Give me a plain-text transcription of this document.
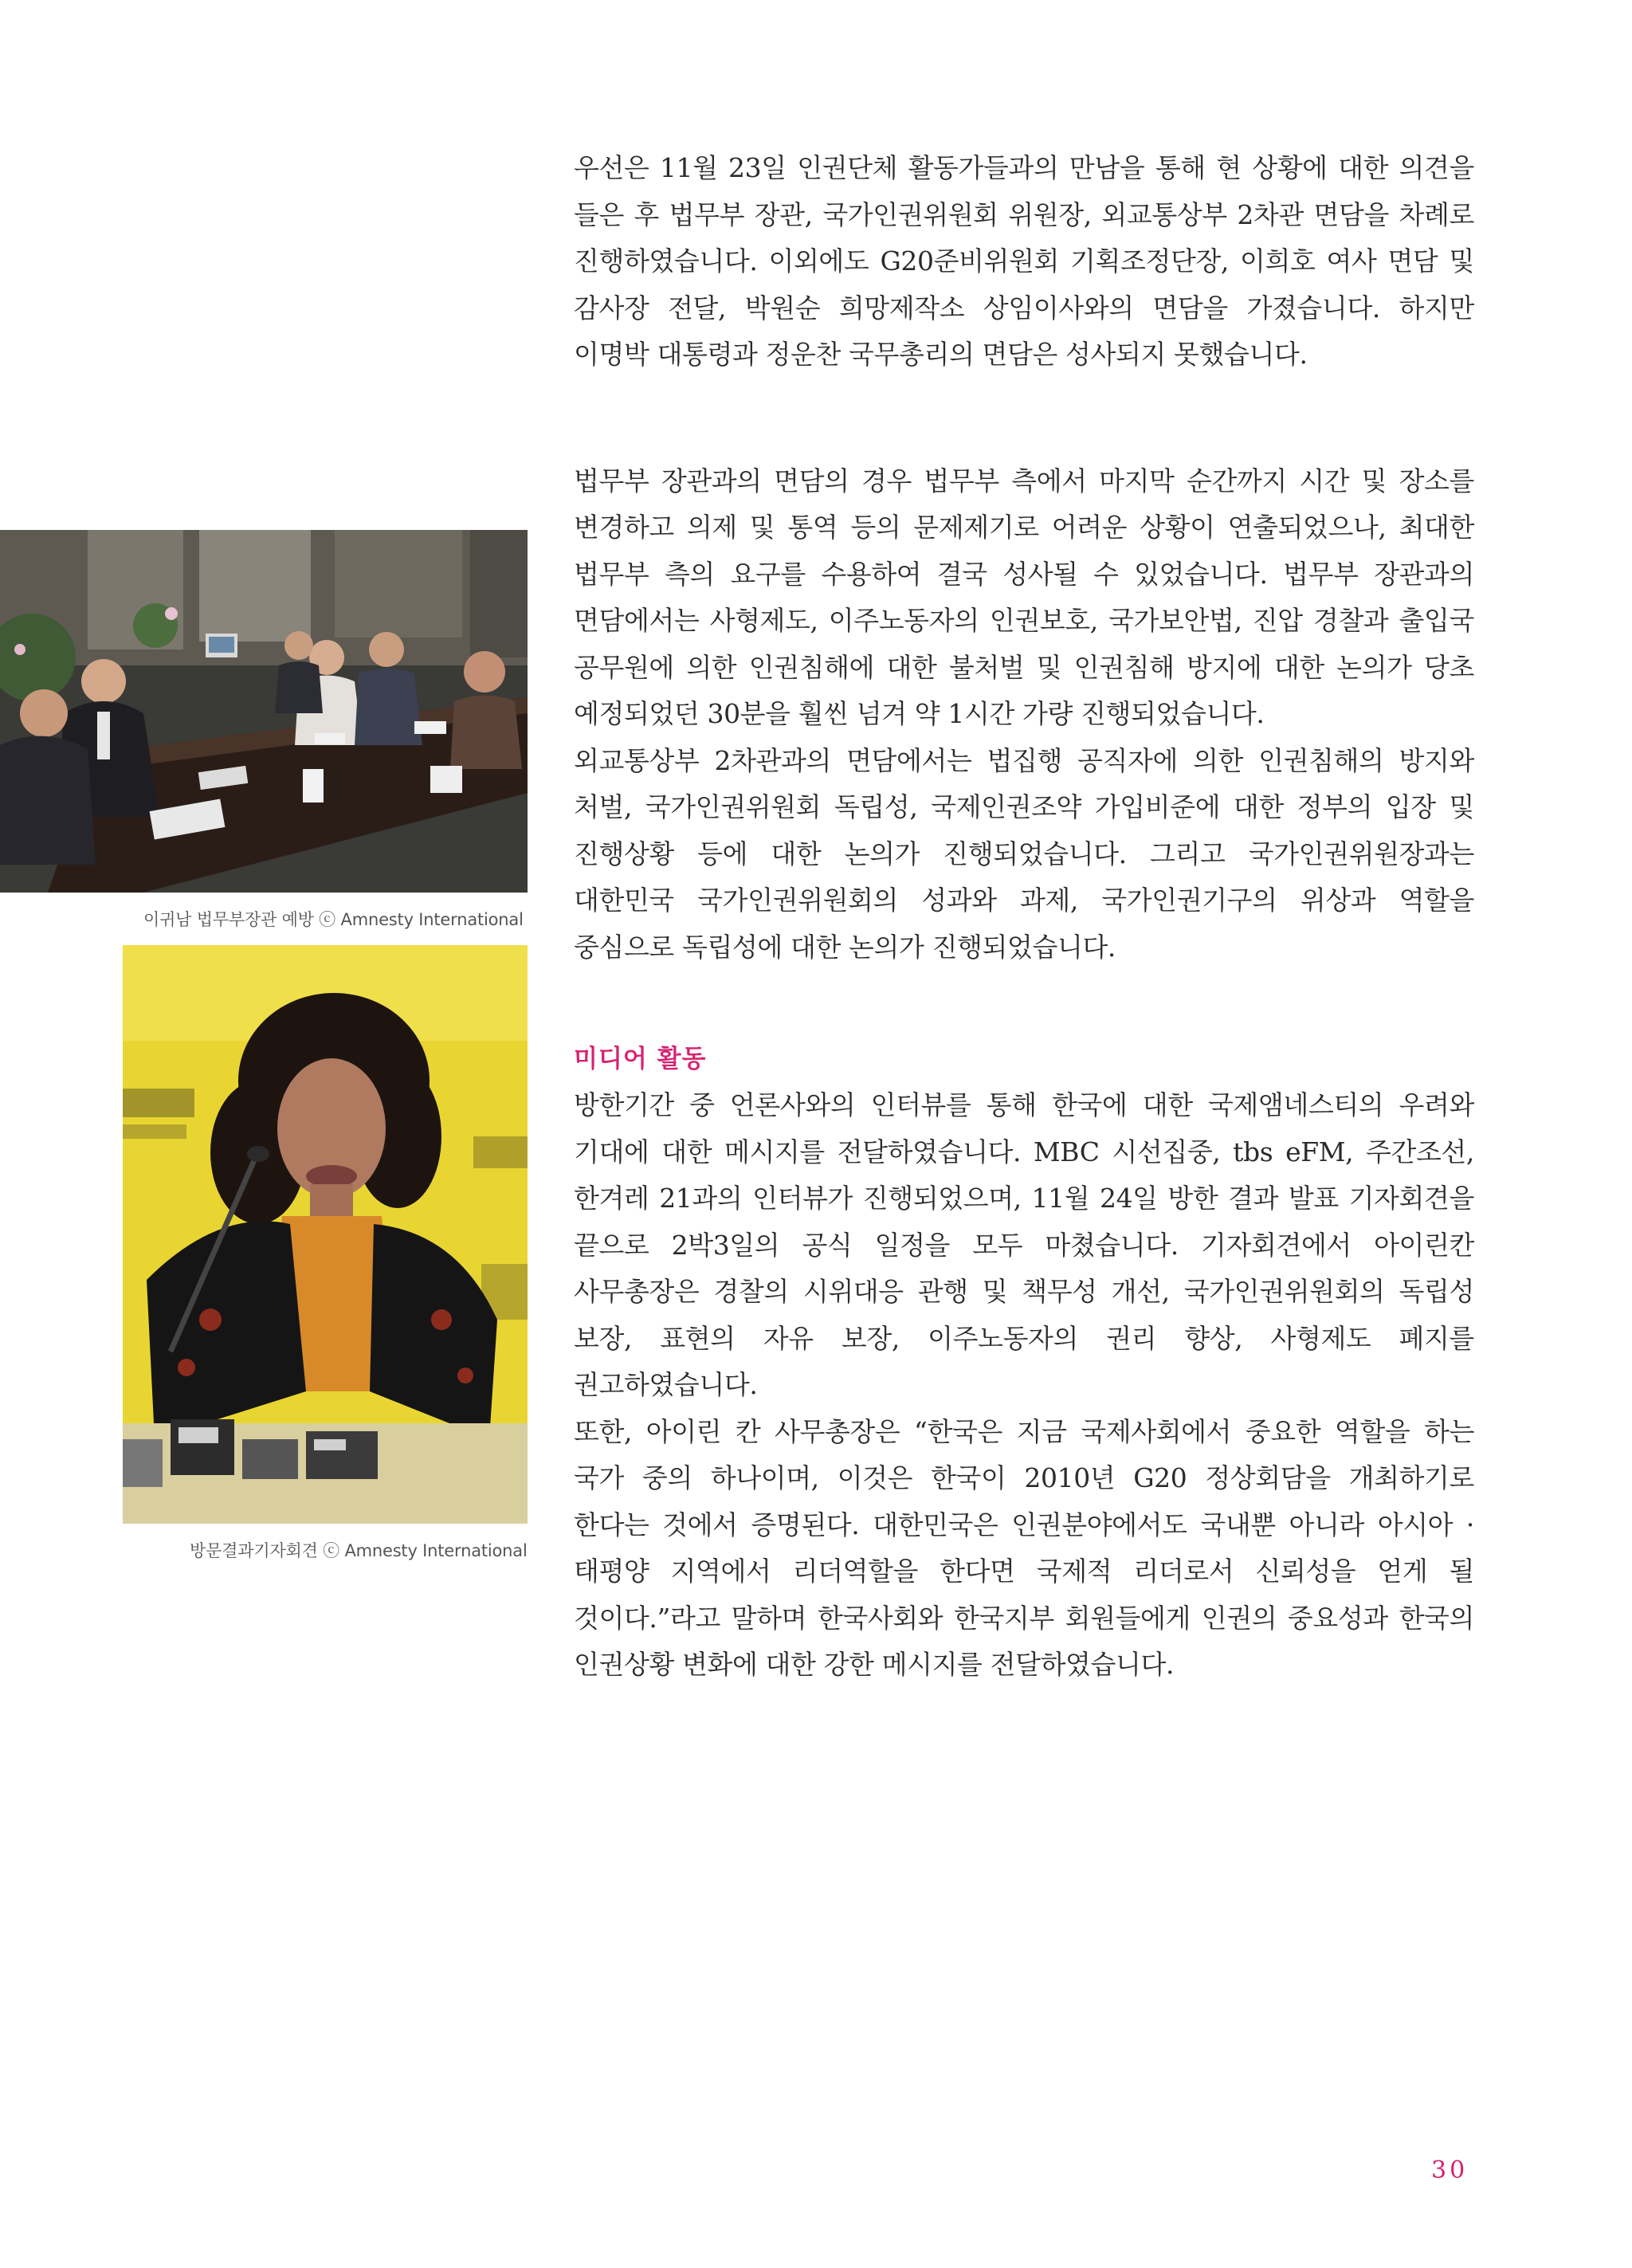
이귀남 법무부장관 예방 ⓒ Amnesty International
방문결과기자회견 ⓒ Amnesty International

우선은 11월 23일 인권단체 활동가들과의 만남을 통해 현 상황에 대한 의견을 들은 후 법무부 장관, 국가인권위원회 위원장, 외교통상부 2차관 면담을 차례로 진행하였습니다. 이외에도 G20준비위원회 기획조정단장, 이희호 여사 면담 및 감사장 전달, 박원순 희망제작소 상임이사와의 면담을 가졌습니다. 하지만 이명박 대통령과 정운찬 국무총리의 면담은 성사되지 못했습니다.

법무부 장관과의 면담의 경우 법무부 측에서 마지막 순간까지 시간 및 장소를 변경하고 의제 및 통역 등의 문제제기로 어려운 상황이 연출되었으나, 최대한 법무부 측의 요구를 수용하여 결국 성사될 수 있었습니다. 법무부 장관과의 면담에서는 사형제도, 이주노동자의 인권보호, 국가보안법, 진압 경찰과 출입국 공무원에 의한 인권침해에 대한 불처벌 및 인권침해 방지에 대한 논의가 당초 예정되었던 30분을 훨씬 넘겨 약 1시간 가량 진행되었습니다.

외교통상부 2차관과의 면담에서는 법집행 공직자에 의한 인권침해의 방지와 처벌, 국가인권위원회 독립성, 국제인권조약 가입비준에 대한 정부의 입장 및 진행상황 등에 대한 논의가 진행되었습니다. 그리고 국가인권위원장과는 대한민국 국가인권위원회의 성과와 과제, 국가인권기구의 위상과 역할을 중심으로 독립성에 대한 논의가 진행되었습니다.

미디어 활동

방한기간 중 언론사와의 인터뷰를 통해 한국에 대한 국제앰네스티의 우려와 기대에 대한 메시지를 전달하였습니다. MBC 시선집중, tbs eFM, 주간조선, 한겨레 21과의 인터뷰가 진행되었으며, 11월 24일 방한 결과 발표 기자회견을 끝으로 2박3일의 공식 일정을 모두 마쳤습니다. 기자회견에서 아이린칸 사무총장은 경찰의 시위대응 관행 및 책무성 개선, 국가인권위원회의 독립성 보장, 표현의 자유 보장, 이주노동자의 권리 향상, 사형제도 폐지를 권고하였습니다.

또한, 아이린 칸 사무총장은 “한국은 지금 국제사회에서 중요한 역할을 하는 국가 중의 하나이며, 이것은 한국이 2010년 G20 정상회담을 개최하기로 한다는 것에서 증명된다. 대한민국은 인권분야에서도 국내뿐 아니라 아시아 · 태평양 지역에서 리더역할을 한다면 국제적 리더로서 신뢰성을 얻게 될 것이다.”라고 말하며 한국사회와 한국지부 회원들에게 인권의 중요성과 한국의 인권상황 변화에 대한 강한 메시지를 전달하였습니다.

30
